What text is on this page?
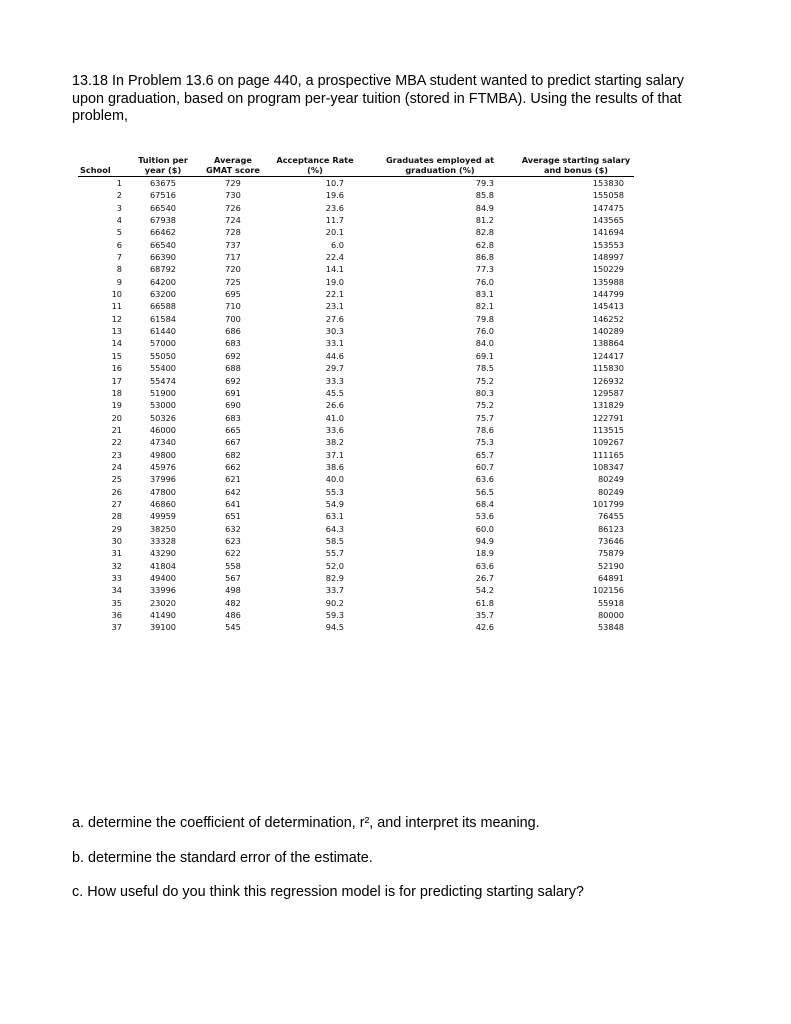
13.18 In Problem 13.6 on page 440, a prospective MBA student wanted to predict starting salary upon graduation, based on program per-year tuition (stored in FTMBA). Using the results of that problem,
School	Tuition per year ($)	Average GMAT score	Acceptance Rate (%)	Graduates employed at graduation (%)	Average starting salary and bonus ($)
1	63675	729	10.7	79.3	153830
2	67516	730	19.6	85.8	155058
3	66540	726	23.6	84.9	147475
4	67938	724	11.7	81.2	143565
5	66462	728	20.1	82.8	141694
6	66540	737	6.0	62.8	153553
7	66390	717	22.4	86.8	148997
8	68792	720	14.1	77.3	150229
9	64200	725	19.0	76.0	135988
10	63200	695	22.1	83.1	144799
11	66588	710	23.1	82.1	145413
12	61584	700	27.6	79.8	146252
13	61440	686	30.3	76.0	140289
14	57000	683	33.1	84.0	138864
15	55050	692	44.6	69.1	124417
16	55400	688	29.7	78.5	115830
17	55474	692	33.3	75.2	126932
18	51900	691	45.5	80.3	129587
19	53000	690	26.6	75.2	131829
20	50326	683	41.0	75.7	122791
21	46000	665	33.6	78.6	113515
22	47340	667	38.2	75.3	109267
23	49800	682	37.1	65.7	111165
24	45976	662	38.6	60.7	108347
25	37996	621	40.0	63.6	80249
26	47800	642	55.3	56.5	80249
27	46860	641	54.9	68.4	101799
28	49959	651	63.1	53.6	76455
29	38250	632	64.3	60.0	86123
30	33328	623	58.5	94.9	73646
31	43290	622	55.7	18.9	75879
32	41804	558	52.0	63.6	52190
33	49400	567	82.9	26.7	64891
34	33996	498	33.7	54.2	102156
35	23020	482	90.2	61.8	55918
36	41490	486	59.3	35.7	80000
37	39100	545	94.5	42.6	53848
a. determine the coefficient of determination, r², and interpret its meaning.
b. determine the standard error of the estimate.
c. How useful do you think this regression model is for predicting starting salary?
